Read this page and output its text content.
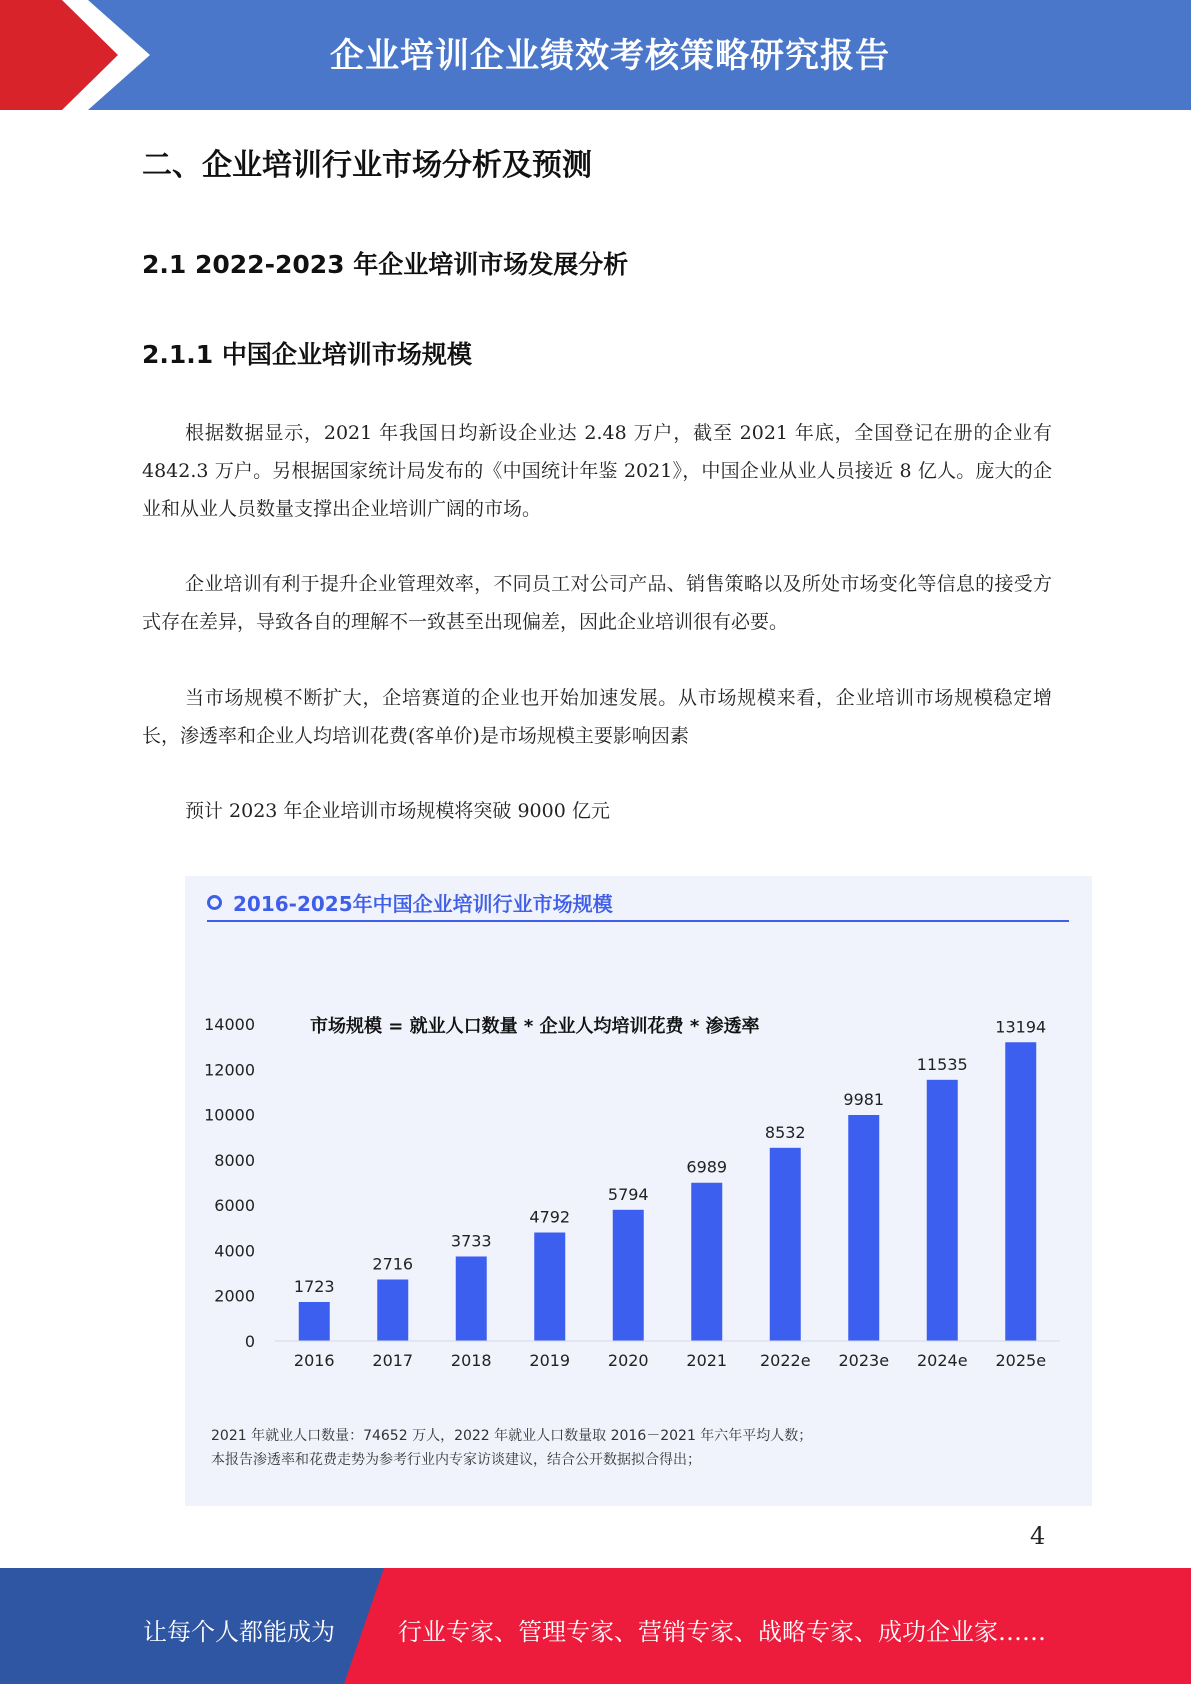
企业培训企业绩效考核策略研究报告
二、企业培训行业市场分析及预测
2.1 2022-2023 年企业培训市场发展分析
2.1.1 中国企业培训市场规模
根据数据显示，2021 年我国日均新设企业达 2.48 万户，截至 2021 年底，全国登记在册的企业有 4842.3 万户。另根据国家统计局发布的《中国统计年鉴 2021》，中国企业从业人员接近 8 亿人。庞大的企业和从业人员数量支撑出企业培训广阔的市场。
企业培训有利于提升企业管理效率，不同员工对公司产品、销售策略以及所处市场变化等信息的接受方式存在差异，导致各自的理解不一致甚至出现偏差，因此企业培训很有必要。
当市场规模不断扩大，企培赛道的企业也开始加速发展。从市场规模来看，企业培训市场规模稳定增长，渗透率和企业人均培训花费(客单价)是市场规模主要影响因素
预计 2023 年企业培训市场规模将突破 9000 亿元
2016-2025年中国企业培训行业市场规模
市场规模 = 就业人口数量 * 企业人均培训花费 * 渗透率
0
2000
4000
6000
8000
10000
12000
14000
1723
2716
3733
4792
5794
6989
8532
9981
11535
13194
2016 2017 2018 2019 2020 2021 2022e 2023e 2024e 2025e
2021 年就业人口数量：74652 万人，2022 年就业人口数量取 2016－2021 年六年平均人数；
本报告渗透率和花费走势为参考行业内专家访谈建议，结合公开数据拟合得出；
4
让每个人都能成为	行业专家、管理专家、营销专家、战略专家、成功企业家……
